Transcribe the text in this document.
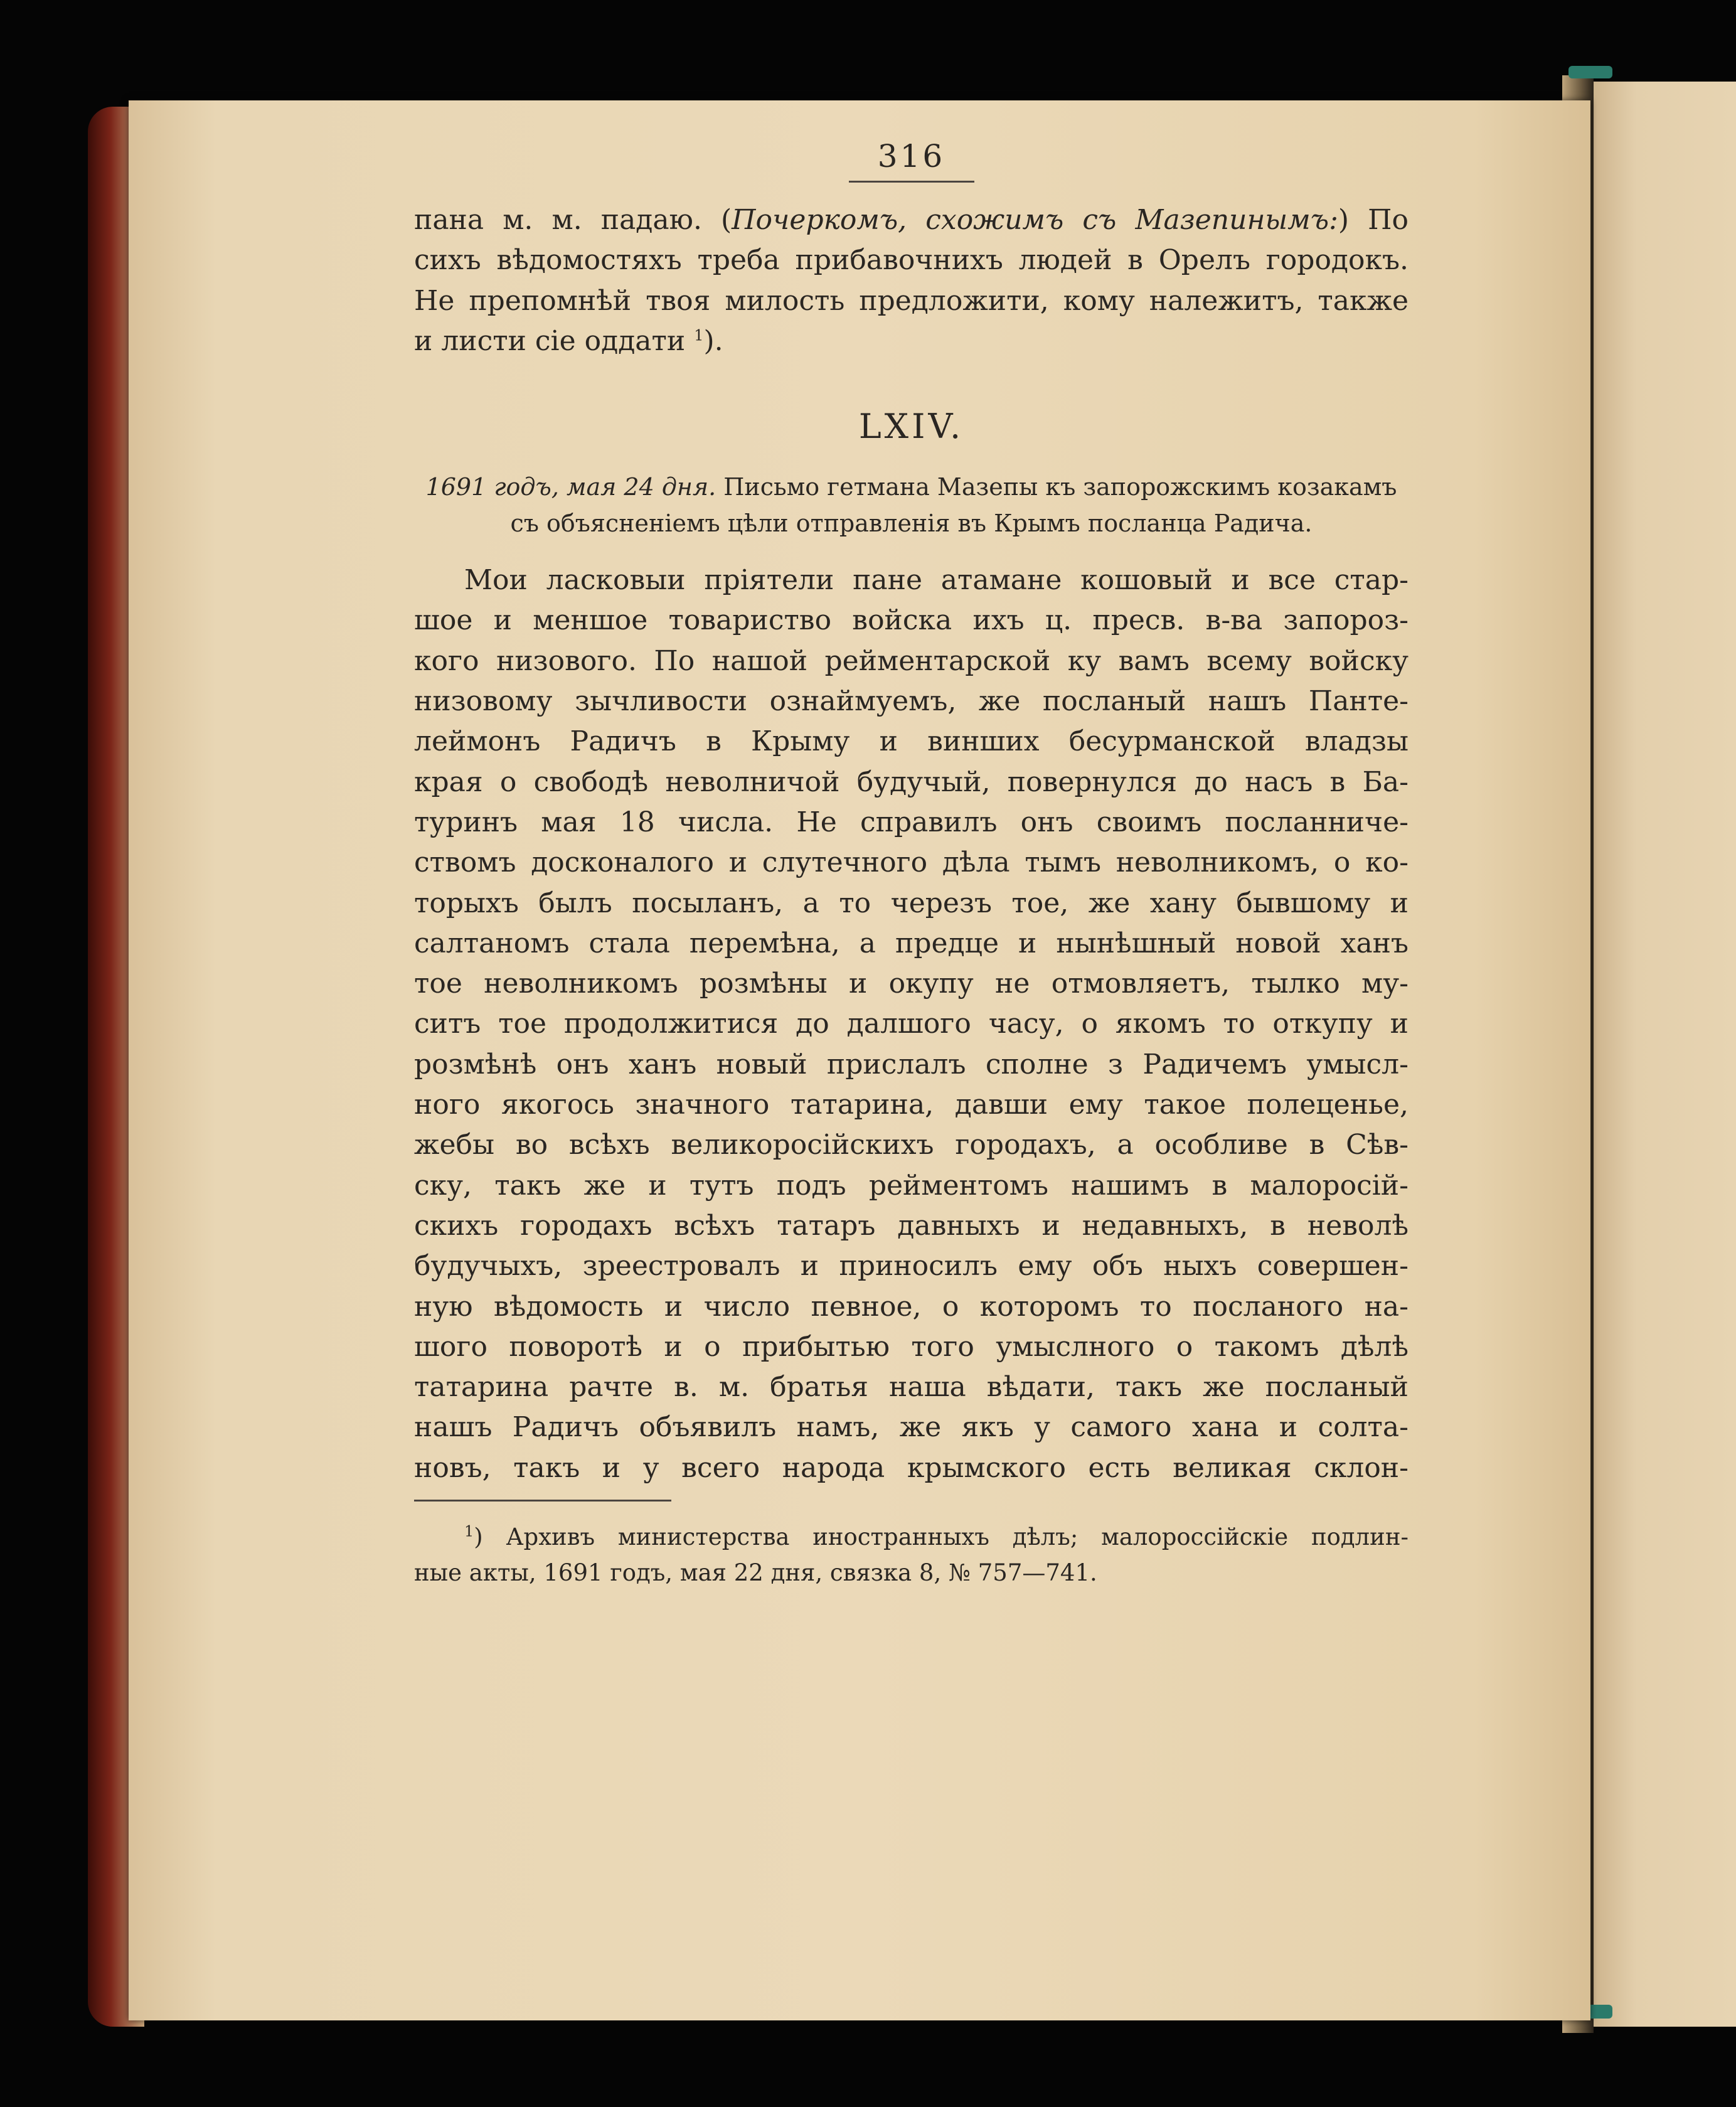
316
пана м. м. падаю. (Почеркомъ, схожимъ съ Мазепинымъ:) По
сихъ вѣдомостяхъ треба прибавочнихъ людей в Орелъ городокъ.
Не препомнѣй твоя милость предложити, кому належитъ, также
и листи сiе оддати $^1$).
LXIV.
1691 годъ, мая 24 дня. Письмо гетмана Мазепы къ запорожскимъ козакамъ
съ объясненiемъ цѣли отправленiя въ Крымъ посланца Радича.
Мои ласковыи прiятели пане атамане кошовый и все стар-
шое и меншое товариство войска ихъ ц. пресв. в-ва запороз-
кого низового. По нашой рейментарской ку вамъ всему войску
низовому зычливости ознаймуемъ, же посланый нашъ Панте-
леймонъ Радичъ в Крыму и винших бесурманской владзы
края о свободѣ неволничой будучый, повернулся до насъ в Ба-
туринъ мая 18 числа. Не справилъ онъ своимъ посланниче-
ствомъ досконалого и слутечного дѣла тымъ неволникомъ, о ко-
торыхъ былъ посыланъ, а то черезъ тое, же хану бывшому и
салтаномъ стала перемѣна, а предце и нынѣшный новой ханъ
тое неволникомъ розмѣны и окупу не отмовляетъ, тылко му-
ситъ тое продолжитися до далшого часу, о якомъ то откупу и
розмѣнѣ онъ ханъ новый прислалъ сполне з Радичемъ умысл-
ного якогось значного татарина, давши ему такое полеценье,
жебы во всѣхъ великоросiйскихъ городахъ, а особливе в Сѣв-
ску, такъ же и тутъ подъ рейментомъ нашимъ в малоросiй-
скихъ городахъ всѣхъ татаръ давныхъ и недавныхъ, в неволѣ
будучыхъ, зреестровалъ и приносилъ ему объ ныхъ совершен-
ную вѣдомость и число певное, о которомъ то посланого на-
шого поворотѣ и о прибытью того умыслного о такомъ дѣлѣ
татарина рачте в. м. братья наша вѣдати, такъ же посланый
нашъ Радичъ объявилъ намъ, же якъ у самого хана и солта-
новъ, такъ и у всего народа крымского есть великая склон-
$^1$) Архивъ министерства иностранныхъ дѣлъ; малороссiйскiе подлин-
ные акты, 1691 годъ, мая 22 дня, связка 8, № 757—741.
